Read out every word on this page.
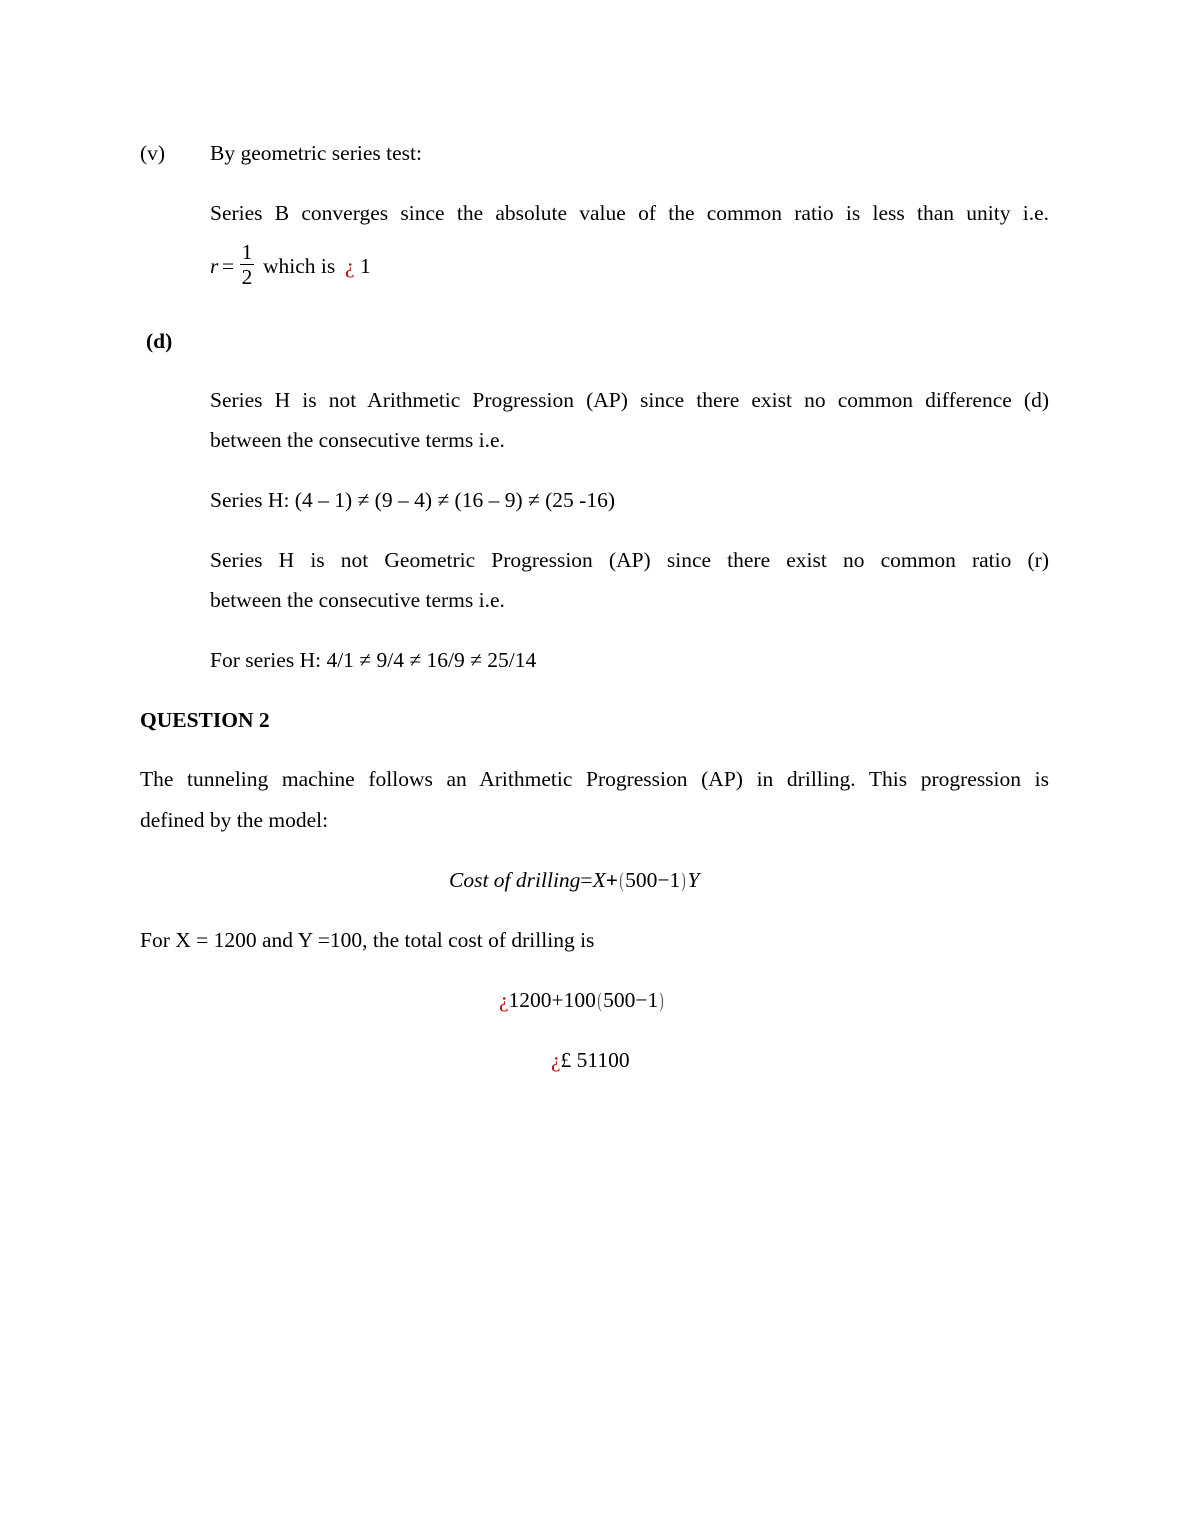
(v) By geometric series test:
Series B converges since the absolute value of the common ratio is less than unity i.e.
r =
1
2 which is ¿ 1
(d)
Series H is not Arithmetic Progression (AP) since there exist no common difference (d)
between the consecutive terms i.e.
Series H: (4 – 1) ≠ (9 – 4) ≠ (16 – 9) ≠ (25 -16)
Series H is not Geometric Progression (AP) since there exist no common ratio (r)
between the consecutive terms i.e.
For series H: 4/1 ≠ 9/4 ≠ 16/9 ≠ 25/14
QUESTION 2
The tunneling machine follows an Arithmetic Progression (AP) in drilling. This progression is
defined by the model:
Cost of drilling=X+(500−1)Y
For X = 1200 and Y =100, the total cost of drilling is
¿1200+100(500−1)
¿£ 51100
